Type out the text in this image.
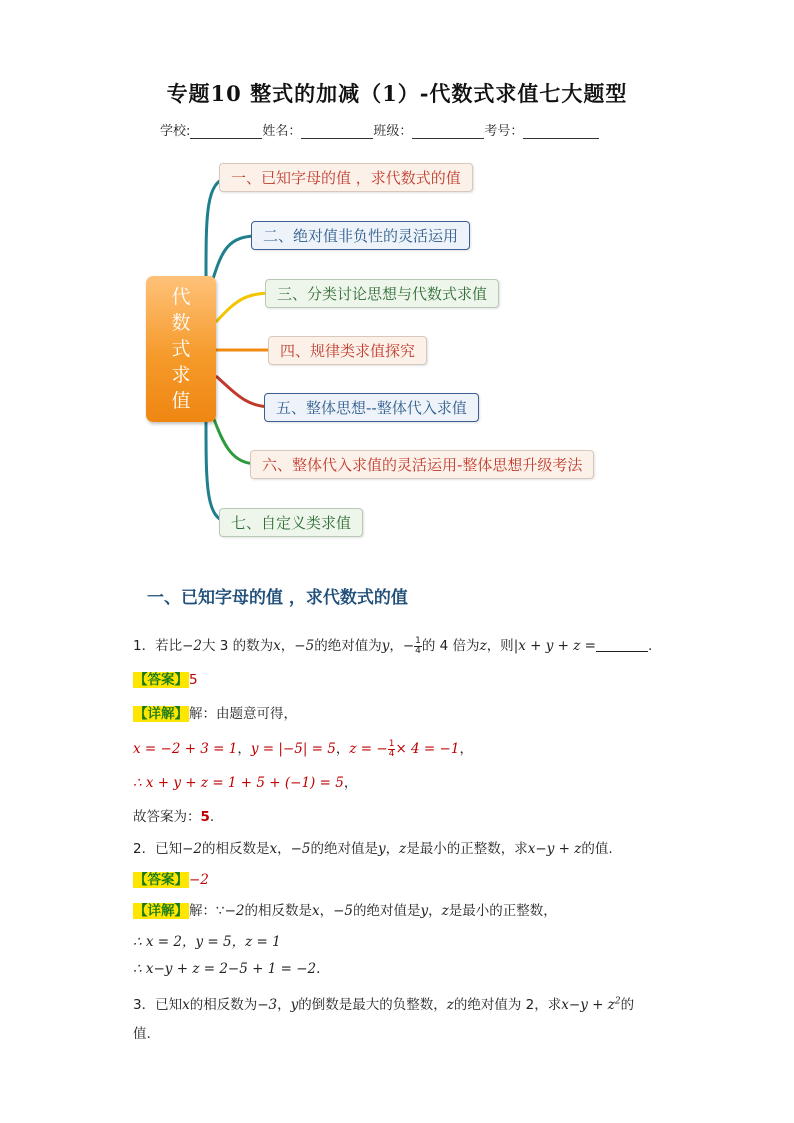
专题10 整式的加减（1）-代数式求值七大题型
学校:	姓名：	班级：	考号：
代数式求值
一、已知字母的值 ，求代数式的值
二、绝对值非负性的灵活运用
三、分类讨论思想与代数式求值
四、规律类求值探究
五、整体思想--整体代入求值
六、整体代入求值的灵活运用-整体思想升级考法
七、自定义类求值
一、已知字母的值 ，求代数式的值
1．若比−2大 3 的数为x，−5的绝对值为y，− $\frac{1}{4}$ 的 4 倍为z，则|x + y + z =	.
【答案】5
【详解】解：由题意可得，
x = −2 + 3 = 1，y = |−5| = 5，z = − $\frac{1}{4} \times 4 = -1$，
∴ x + y + z = 1 + 5 + (−1) = 5，
故答案为：5.
2．已知−2的相反数是x，−5的绝对值是y，z是最小的正整数，求x−y + z的值.
【答案】−2
【详解】解：∵−2的相反数是x，−5的绝对值是y，z是最小的正整数，
∴ x = 2，y = 5，z = 1
∴ x−y + z = 2−5 + 1 = −2.
3．已知x的相反数为−3，y的倒数是最大的负整数，z的绝对值为 2，求$x-y + z^2$的
值.
